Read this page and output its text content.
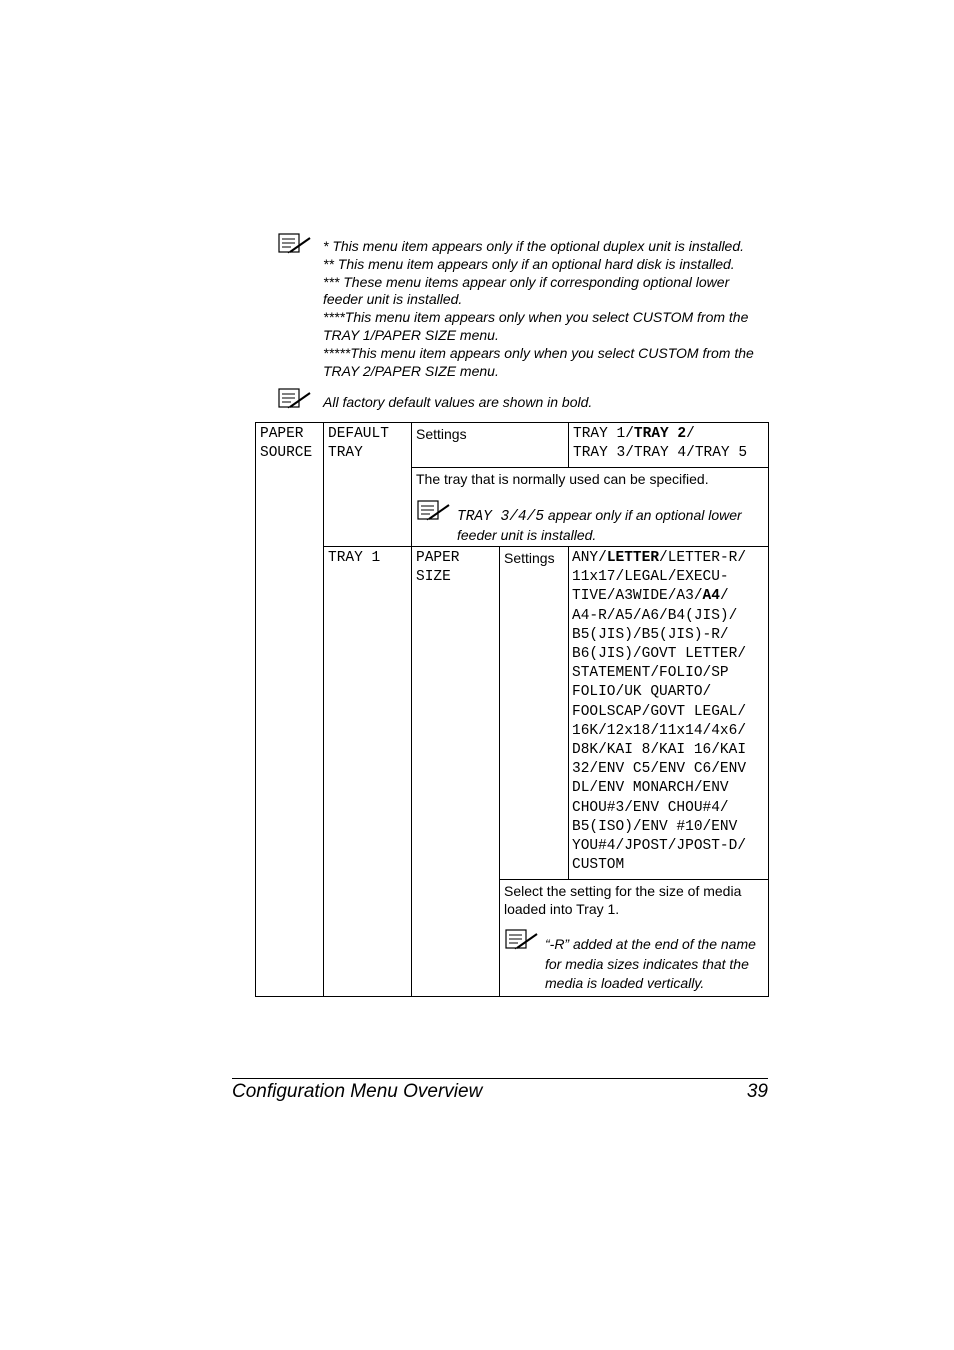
* This menu item appears only if the optional duplex unit is installed.
** This menu item appears only if an optional hard disk is installed.
*** These menu items appear only if corresponding optional lower
feeder unit is installed.
****This menu item appears only when you select CUSTOM from the
TRAY 1/PAPER SIZE menu.
*****This menu item appears only when you select CUSTOM from the
TRAY 2/PAPER SIZE menu.
All factory default values are shown in bold.
PAPER
SOURCE
DEFAULT
TRAY
Settings	TRAY 1/TRAY 2/
TRAY 3/TRAY 4/TRAY 5
The tray that is normally used can be specified.
TRAY 3/4/5 appear only if an optional lower
feeder unit is installed.
TRAY 1 PAPER
SIZE
Settings ANY/LETTER/LETTER-R/
11x17/LEGAL/EXECU-
TIVE/A3WIDE/A3/A4/
A4-R/A5/A6/B4(JIS)/
B5(JIS)/B5(JIS)-R/
B6(JIS)/GOVT LETTER/
STATEMENT/FOLIO/SP
FOLIO/UK QUARTO/
FOOLSCAP/GOVT LEGAL/
16K/12x18/11x14/4x6/
D8K/KAI 8/KAI 16/KAI
32/ENV C5/ENV C6/ENV
DL/ENV MONARCH/ENV
CHOU#3/ENV CHOU#4/
B5(ISO)/ENV #10/ENV
YOU#4/JPOST/JPOST-D/
CUSTOM
Select the setting for the size of media
loaded into Tray 1.
“-R” added at the end of the name
for media sizes indicates that the
media is loaded vertically.
Configuration Menu Overview	39
